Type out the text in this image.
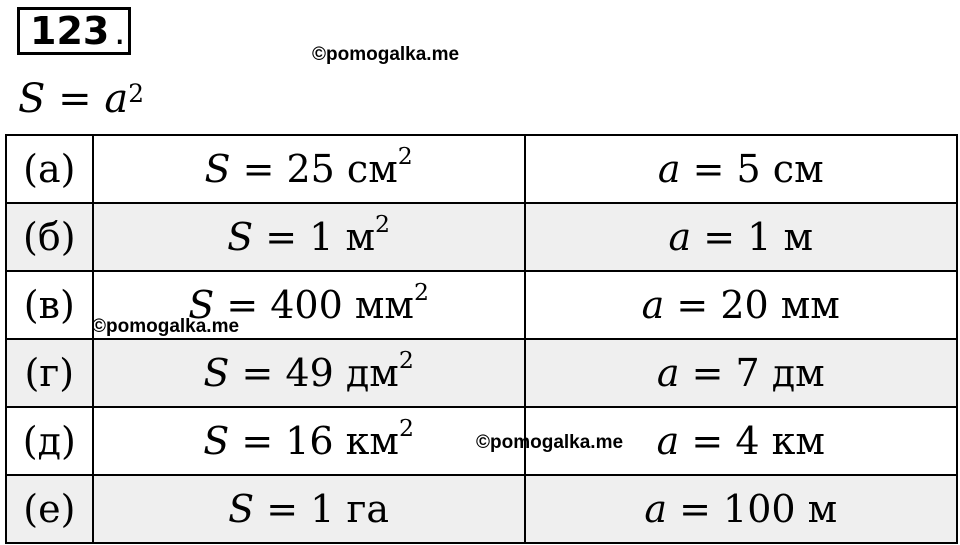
123 .
$S = a^2$
©pomogalka.me
(а)	S = 25 $см^2$	a = 5 см
(б)	S = 1 $м^2$	a = 1 м
(в)	S = 400 $мм^2$	a = 20 мм
(г)	S = 49 $дм^2$	a = 7 дм
(д)	S = 16 $км^2$	a = 4 км
(е)	S = 1 га	a = 100 м
©pomogalka.me
©pomogalka.me
